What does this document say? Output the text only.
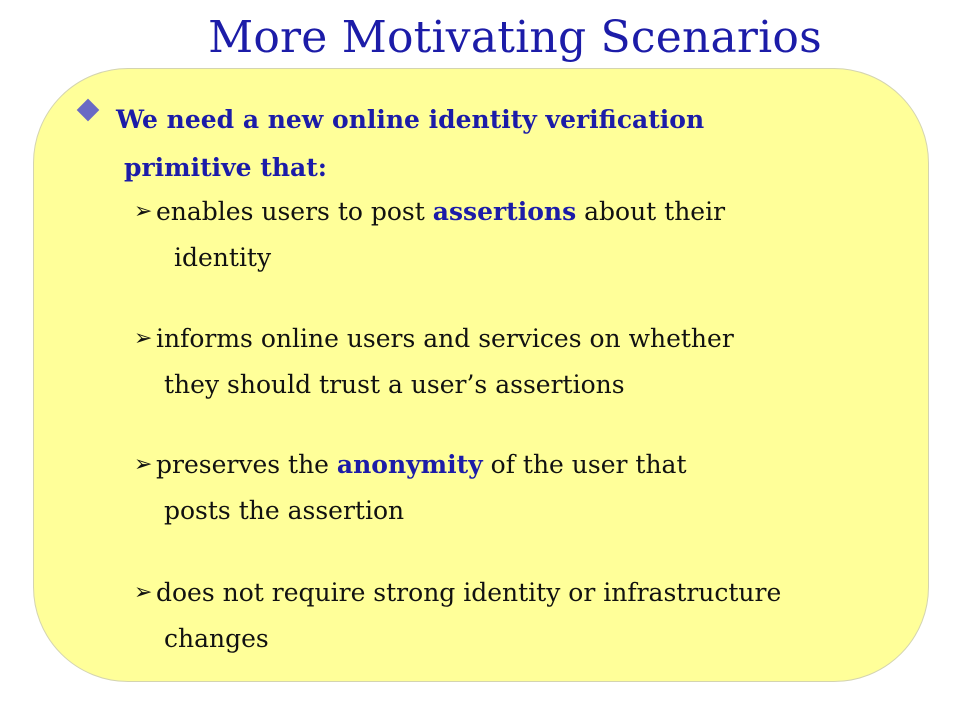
More Motivating Scenarios
We need a new online identity verification
primitive that:
➢ enables users to post assertions about their
identity
➢ informs online users and services on whether
they should trust a user’s assertions
➢ preserves the anonymity of the user that
posts the assertion
➢ does not require strong identity or infrastructure
changes
